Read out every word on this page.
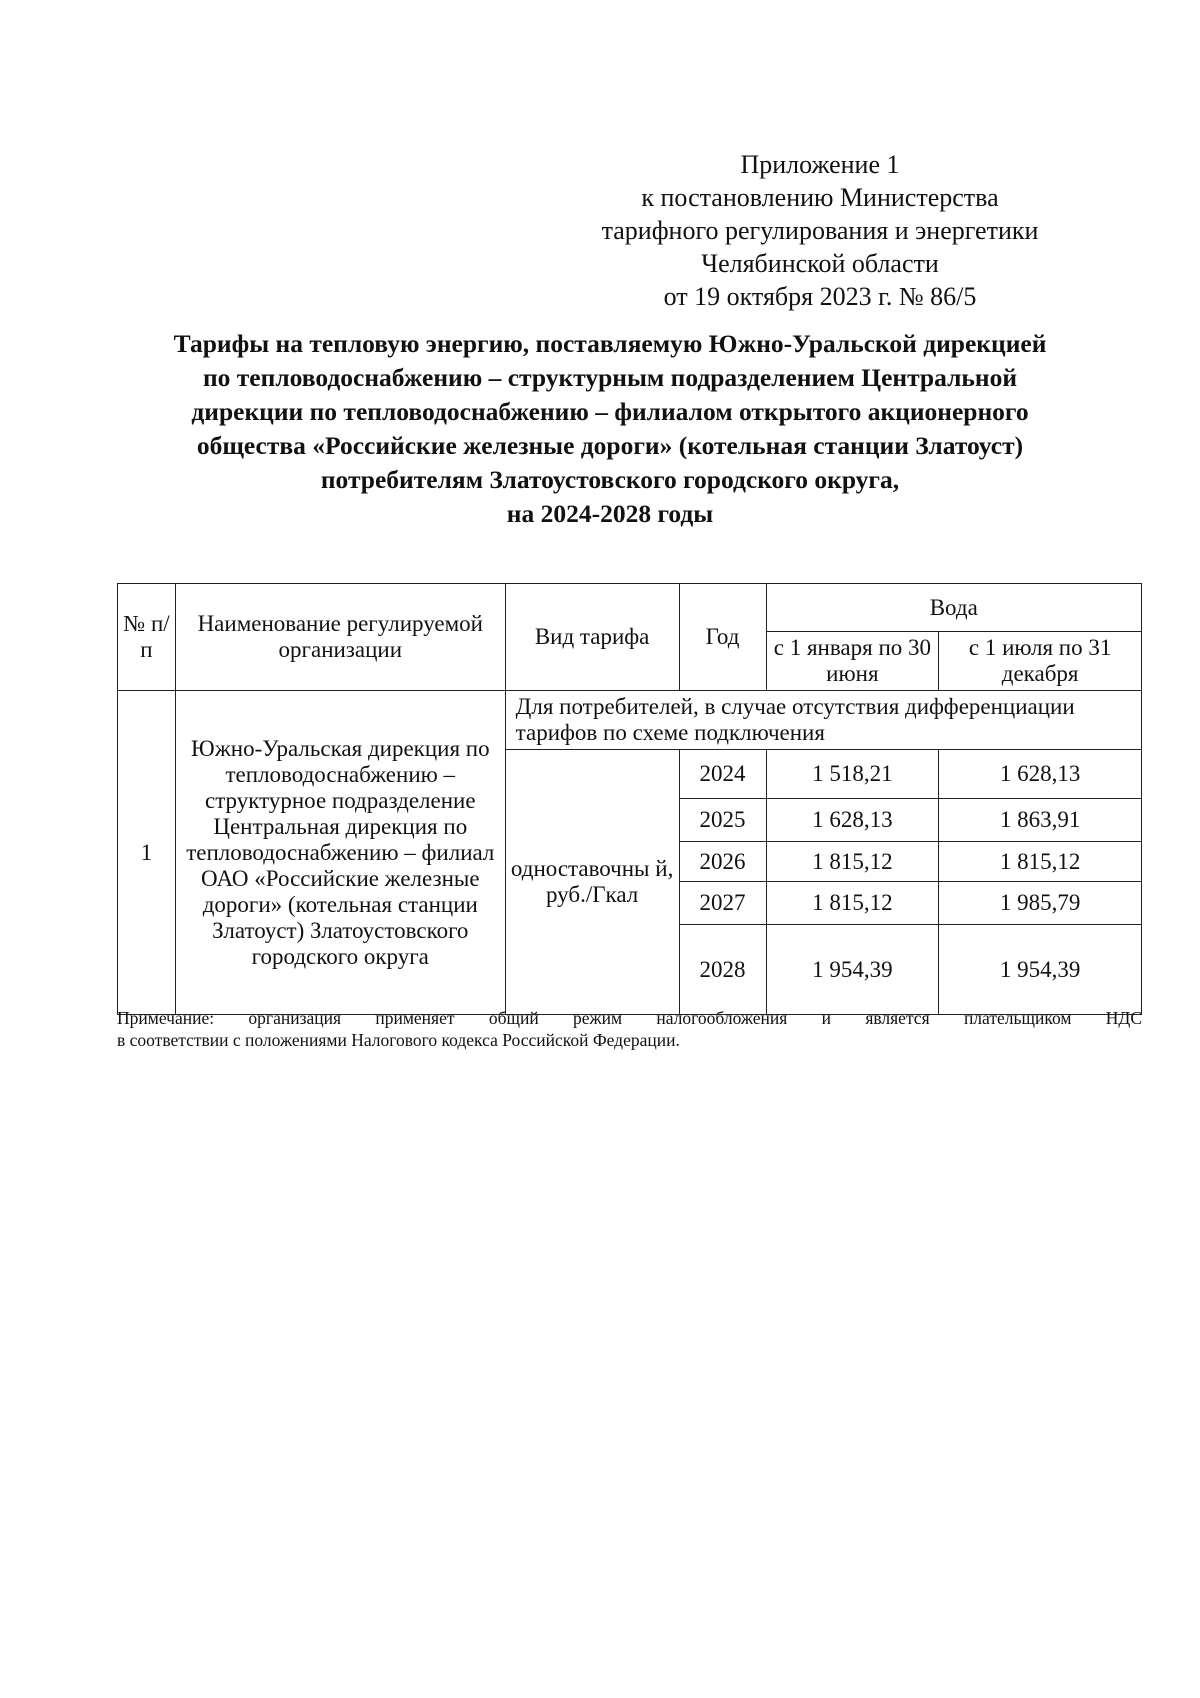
Приложение 1
к постановлению Министерства
тарифного регулирования и энергетики
Челябинской области
от 19 октября 2023 г. № 86/5
Тарифы на тепловую энергию, поставляемую Южно-Уральской дирекцией
по тепловодоснабжению – структурным подразделением Центральной
дирекции по тепловодоснабжению – филиалом открытого акционерного
общества «Российские железные дороги» (котельная станции Златоуст)
потребителям Златоустовского городского округа,
на 2024-2028 годы
№ п/п	Наименование регулируемой организации	Вид тарифа	Год	Вода	
				с 1 января по 30 июня	с 1 июля по 31 декабря
1	Южно-Уральская дирекция по тепловодоснабжению – структурное подразделение Центральная дирекция по тепловодоснабжению – филиал ОАО «Российские железные дороги» (котельная станции Златоуст) Златоустовского городского округа	Для потребителей, в случае отсутствия дифференциации тарифов по схеме подключения			
		одноставочны й, руб./Гкал	2024	1 518,21	1 628,13
			2025	1 628,13	1 863,91
			2026	1 815,12	1 815,12
			2027	1 815,12	1 985,79
			2028	1 954,39	1 954,39
Примечание: организация применяет общий режим налогообложения и является плательщиком НДС
в соответствии с положениями Налогового кодекса Российской Федерации.
